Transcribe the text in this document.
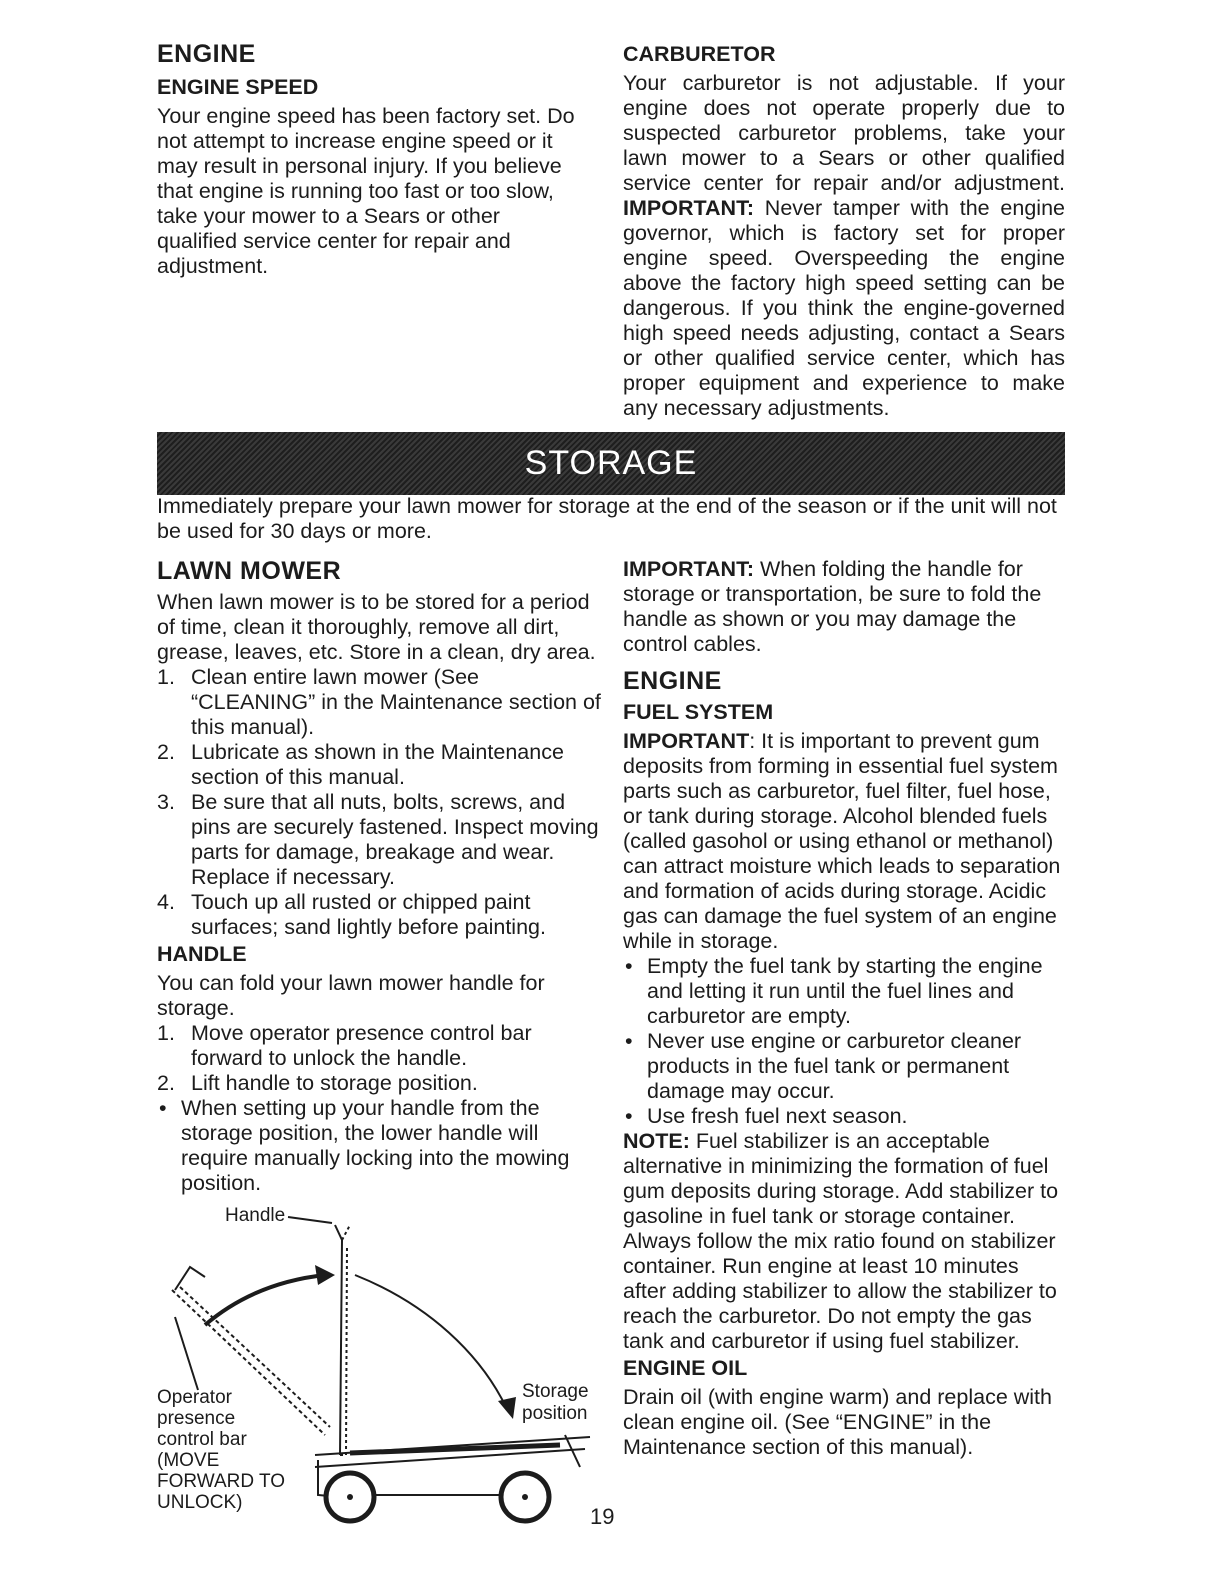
ENGINE
ENGINE SPEED

Your engine speed has been factory set. Do not attempt to increase engine speed or it may result in personal injury. If you believe that engine is running too fast or too slow, take your mower to a Sears or other qualified service center for repair and adjustment.

CARBURETOR

Your carburetor is not adjustable. If your engine does not operate properly due to suspected carburetor problems, take your lawn mower to a Sears or other qualified service center for repair and/or adjustment. IMPORTANT: Never tamper with the engine governor, which is factory set for proper engine speed. Overspeeding the engine above the factory high speed setting can be dangerous. If you think the engine-governed high speed needs adjusting, contact a Sears or other qualified service center, which has proper equipment and experience to make any necessary adjustments.

STORAGE

Immediately prepare your lawn mower for storage at the end of the season or if the unit will not be used for 30 days or more.

LAWN MOWER

When lawn mower is to be stored for a period of time, clean it thoroughly, remove all dirt, grease, leaves, etc. Store in a clean, dry area.

1. Clean entire lawn mower (See “CLEANING” in the Maintenance section of this manual).
2. Lubricate as shown in the Maintenance section of this manual.
3. Be sure that all nuts, bolts, screws, and pins are securely fastened. Inspect moving parts for damage, breakage and wear. Replace if necessary.
4. Touch up all rusted or chipped paint surfaces; sand lightly before painting.
HANDLE

You can fold your lawn mower handle for storage.

1. Move operator presence control bar forward to unlock the handle.
2. Lift handle to storage position.
• When setting up your handle from the storage position, the lower handle will require manually locking into the mowing position.
Handle
Storage
position
Operator
presence
control bar
(MOVE
FORWARD TO
UNLOCK)

IMPORTANT: When folding the handle for storage or transportation, be sure to fold the handle as shown or you may damage the control cables.

ENGINE
FUEL SYSTEM

IMPORTANT: It is important to prevent gum deposits from forming in essential fuel system parts such as carburetor, fuel filter, fuel hose, or tank during storage. Alcohol blended fuels (called gasohol or using ethanol or methanol) can attract moisture which leads to separation and formation of acids during storage. Acidic gas can damage the fuel system of an engine while in storage.

• Empty the fuel tank by starting the engine and letting it run until the fuel lines and carburetor are empty.
• Never use engine or carburetor cleaner products in the fuel tank or permanent damage may occur.
• Use fresh fuel next season.

NOTE: Fuel stabilizer is an acceptable alternative in minimizing the formation of fuel gum deposits during storage. Add stabilizer to gasoline in fuel tank or storage container. Always follow the mix ratio found on stabilizer container. Run engine at least 10 minutes after adding stabilizer to allow the stabilizer to reach the carburetor. Do not empty the gas tank and carburetor if using fuel stabilizer.

ENGINE OIL

Drain oil (with engine warm) and replace with clean engine oil. (See “ENGINE” in the Maintenance section of this manual).

19
